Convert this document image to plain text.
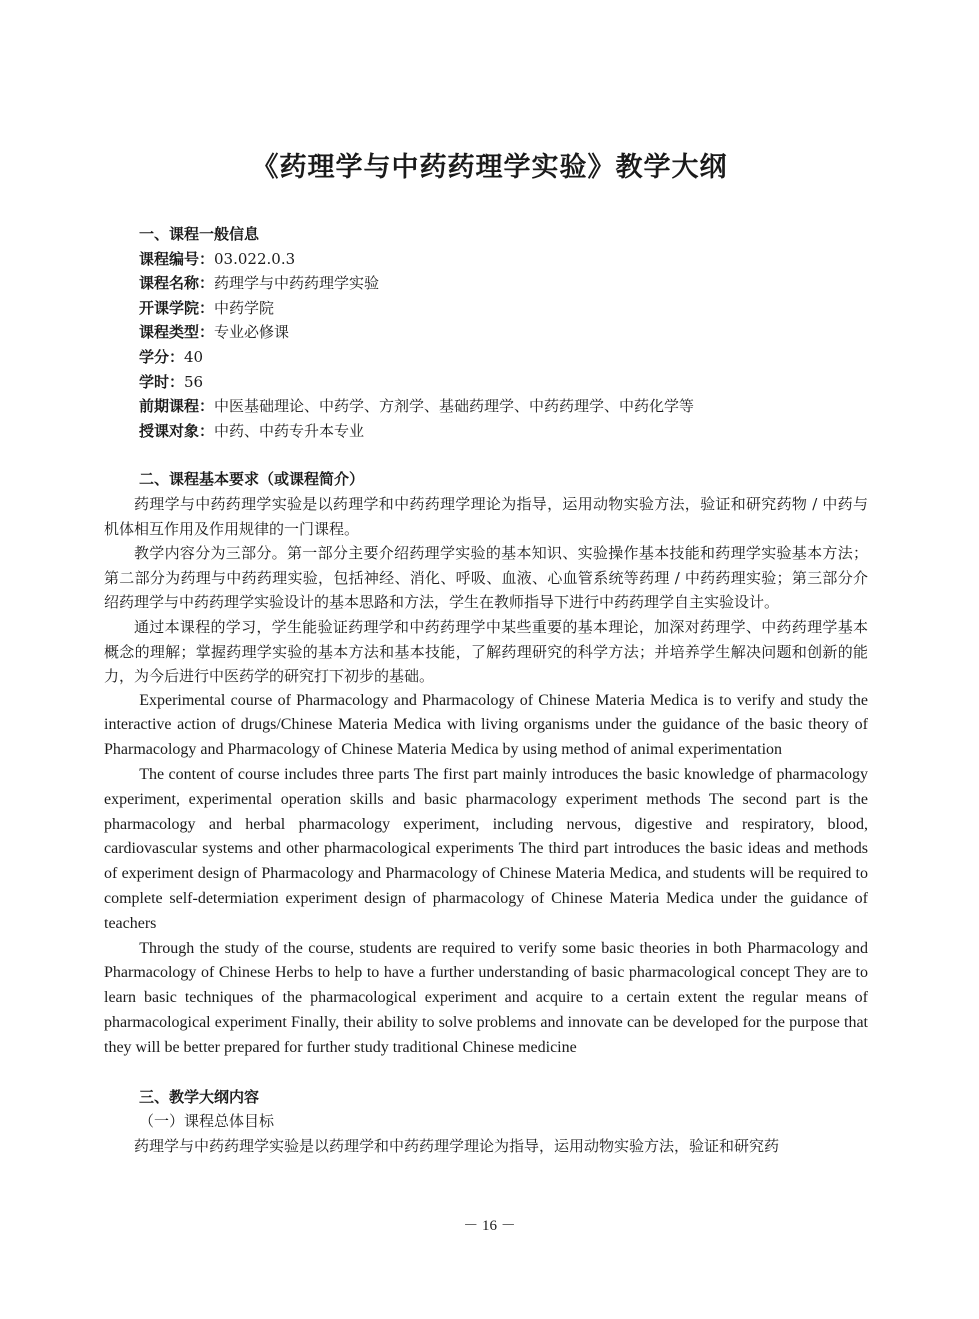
《药理学与中药药理学实验》教学大纲
一、课程一般信息
课程编号：03.022.0.3
课程名称：药理学与中药药理学实验
开课学院：中药学院
课程类型：专业必修课
学分：40
学时：56
前期课程：中医基础理论、中药学、方剂学、基础药理学、中药药理学、中药化学等
授课对象：中药、中药专升本专业
二、课程基本要求（或课程简介）

药理学与中药药理学实验是以药理学和中药药理学理论为指导，运用动物实验方法，验证和研究药物 / 中药与机体相互作用及作用规律的一门课程。

教学内容分为三部分。第一部分主要介绍药理学实验的基本知识、实验操作基本技能和药理学实验基本方法；第二部分为药理与中药药理实验，包括神经、消化、呼吸、血液、心血管系统等药理 / 中药药理实验；第三部分介绍药理学与中药药理学实验设计的基本思路和方法，学生在教师指导下进行中药药理学自主实验设计。

通过本课程的学习，学生能验证药理学和中药药理学中某些重要的基本理论，加深对药理学、中药药理学基本概念的理解；掌握药理学实验的基本方法和基本技能，了解药理研究的科学方法；并培养学生解决问题和创新的能力，为今后进行中医药学的研究打下初步的基础。

Experimental course of Pharmacology and Pharmacology of Chinese Materia Medica is to verify and study the interactive action of drugs/Chinese Materia Medica with living organisms under the guidance of the basic theory of Pharmacology and Pharmacology of Chinese Materia Medica by using method of animal experimentation

The content of course includes three parts The first part mainly introduces the basic knowledge of pharmacology experiment, experimental operation skills and basic pharmacology experiment methods The second part is the pharmacology and herbal pharmacology experiment, including nervous, digestive and respiratory, blood, cardiovascular systems and other pharmacological experiments The third part introduces the basic ideas and methods of experiment design of Pharmacology and Pharmacology of Chinese Materia Medica, and students will be required to complete self-determiation experiment design of pharmacology of Chinese Materia Medica under the guidance of teachers

Through the study of the course, students are required to verify some basic theories in both Pharmacology and Pharmacology of Chinese Herbs to help to have a further understanding of basic pharmacological concept They are to learn basic techniques of the pharmacological experiment and acquire to a certain extent the regular means of pharmacological experiment Finally, their ability to solve problems and innovate can be developed for the purpose that they will be better prepared for further study traditional Chinese medicine

三、教学大纲内容
（一）课程总体目标

药理学与中药药理学实验是以药理学和中药药理学理论为指导，运用动物实验方法，验证和研究药

－ 16 －
